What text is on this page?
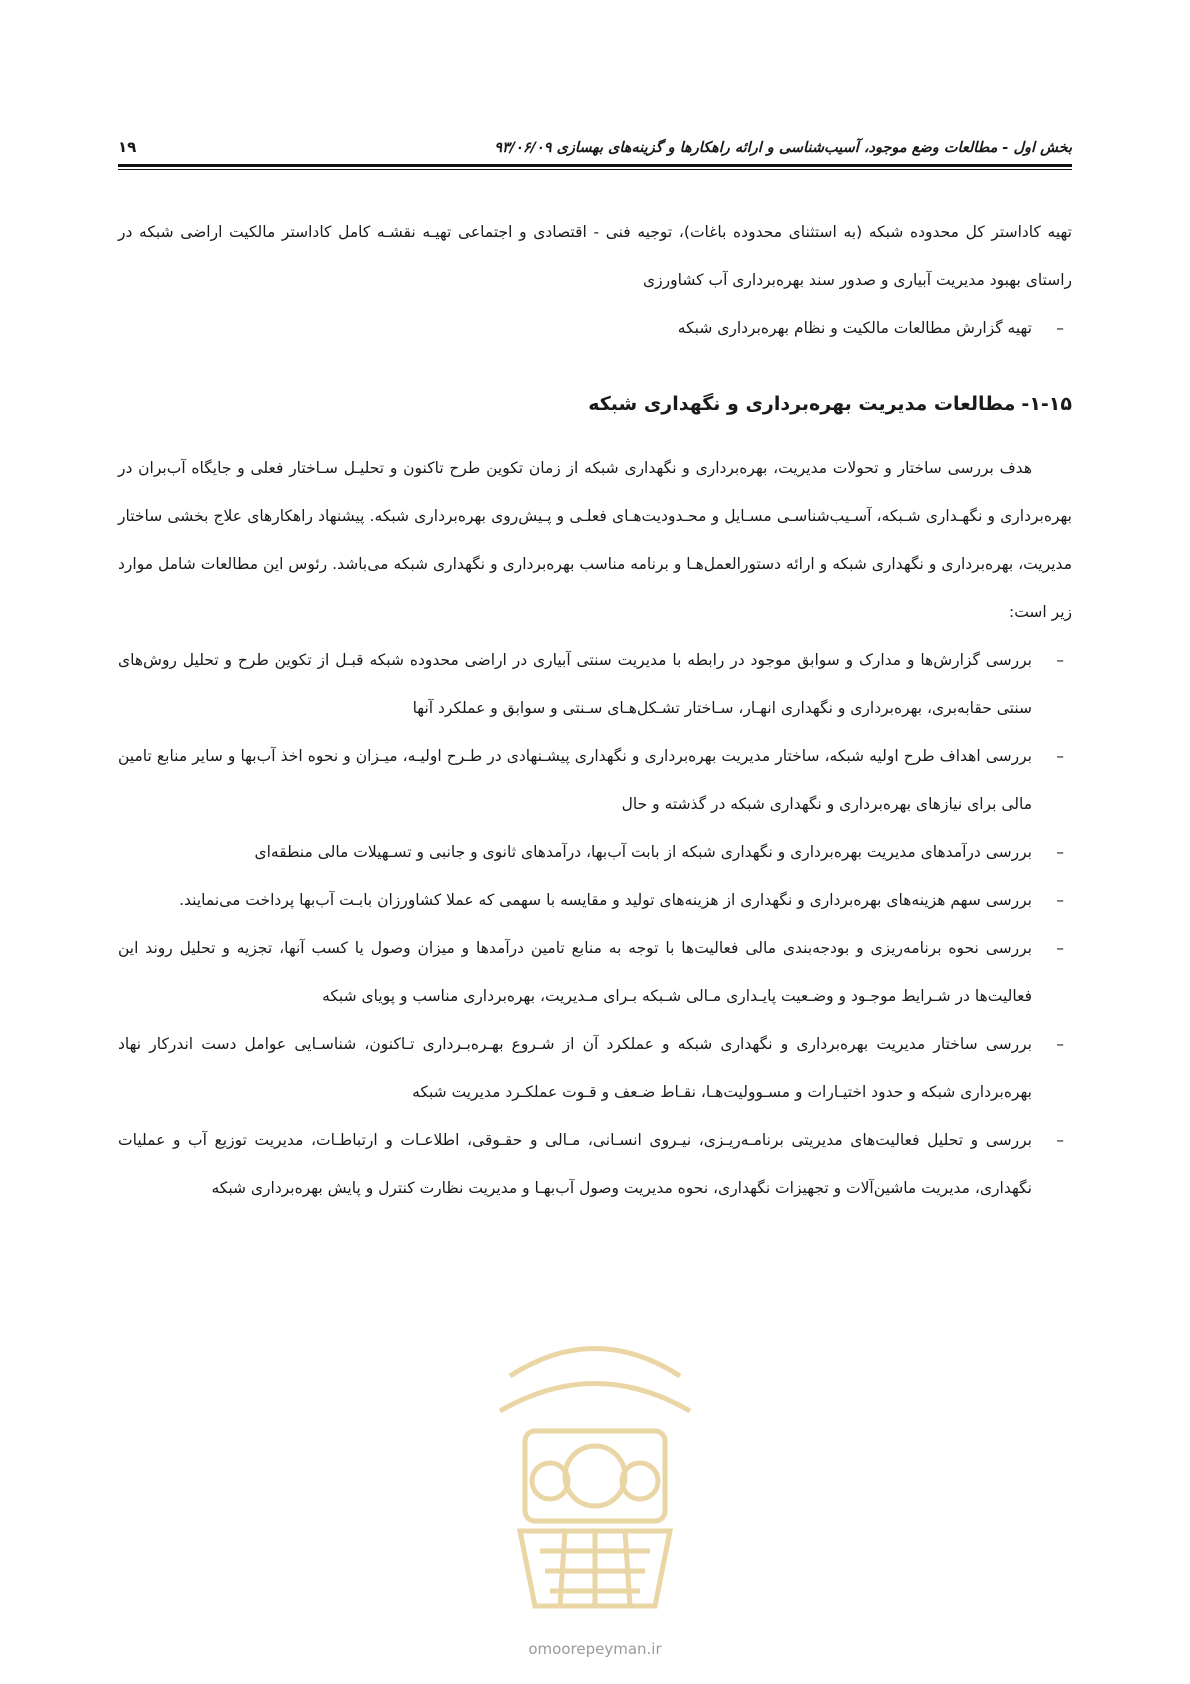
بخش اول - مطالعات وضع موجود، آسیب‌شناسی و ارائه راهکارها و گزینه‌های بهسازی ۹۳/۰۶/۰۹
۱۹

تهیه کاداستر کل محدوده شبکه (به استثنای محدوده باغات)، توجیه فنی - اقتصادی و اجتماعی تهیـه نقشـه کامل کاداستر مالکیت اراضی شبکه در راستای بهبود مدیریت آبیاری و صدور سند بهره‌برداری آب کشاورزی

–
تهیه گزارش مطالعات مالکیت و نظام بهره‌برداری شبکه

۱-۱۵-مطالعات مدیریت بهره‌برداری و نگهداری شبکه

هدف بررسی ساختار و تحولات مدیریت، بهره‌برداری و نگهداری شبکه از زمان تکوین طرح تاکنون و تحلیـل سـاختار فعلی و جایگاه آب‌بران در بهره‌برداری و نگهـداری شـبکه، آسـیب‌شناسـی مسـایل و محـدودیت‌هـای فعلـی و پـیش‌روی بهره‌برداری شبکه. پیشنهاد راهکارهای علاج بخشی ساختار مدیریت، بهره‌برداری و نگهداری شبکه و ارائه دستورالعمل‌هـا و برنامه مناسب بهره‌برداری و نگهداری شبکه می‌باشد. رئوس این مطالعات شامل موارد زیر است:

–
بررسی گزارش‌ها و مدارک و سوابق موجود در رابطه با مدیریت سنتی آبیاری در اراضی محدوده شبکه قبـل از تکوین طرح و تحلیل روش‌های سنتی حقابه‌بری، بهره‌برداری و نگهداری انهـار، سـاختار تشـکل‌هـای سـنتی و سوابق و عملکرد آنها

–
بررسی اهداف طرح اولیه شبکه، ساختار مدیریت بهره‌برداری و نگهداری پیشـنهادی در طـرح اولیـه، میـزان و نحوه اخذ آب‌بها و سایر منابع تامین مالی برای نیازهای بهره‌برداری و نگهداری شبکه در گذشته و حال

–
بررسی درآمدهای مدیریت بهره‌برداری و نگهداری شبکه از بابت آب‌بها، درآمدهای ثانوی و جانبی و تسـهیلات مالی منطقه‌ای

–
بررسی سهم هزینه‌های بهره‌برداری و نگهداری از هزینه‌های تولید و مقایسه با سهمی که عملا کشاورزان بابـت آب‌بها پرداخت می‌نمایند.

–
بررسی نحوه برنامه‌ریزی و بودجه‌بندی مالی فعالیت‌ها با توجه به منابع تامین درآمدها و میزان وصول یا کسب آنها، تجزیه و تحلیل روند این فعالیت‌ها در شـرایط موجـود و وضـعیت پایـداری مـالی شـبکه بـرای مـدیریت، بهره‌برداری مناسب و پویای شبکه

–
بررسی ساختار مدیریت بهره‌برداری و نگهداری شبکه و عملکرد آن از شـروع بهـره‌بـرداری تـاکنون، شناسـایی عوامل دست اندرکار نهاد بهره‌برداری شبکه و حدود اختیـارات و مسـوولیت‌هـا، نقـاط ضـعف و قـوت عملکـرد مدیریت شبکه

–
بررسی و تحلیل فعالیت‌های مدیریتی برنامـه‌ریـزی، نیـروی انسـانی، مـالی و حقـوقی، اطلاعـات و ارتباطـات، مدیریت توزیع آب و عملیات نگهداری، مدیریت ماشین‌آلات و تجهیزات نگهداری، نحوه مدیریت وصول آب‌بهـا و مدیریت نظارت کنترل و پایش بهره‌برداری شبکه

omoorepeyman.ir
